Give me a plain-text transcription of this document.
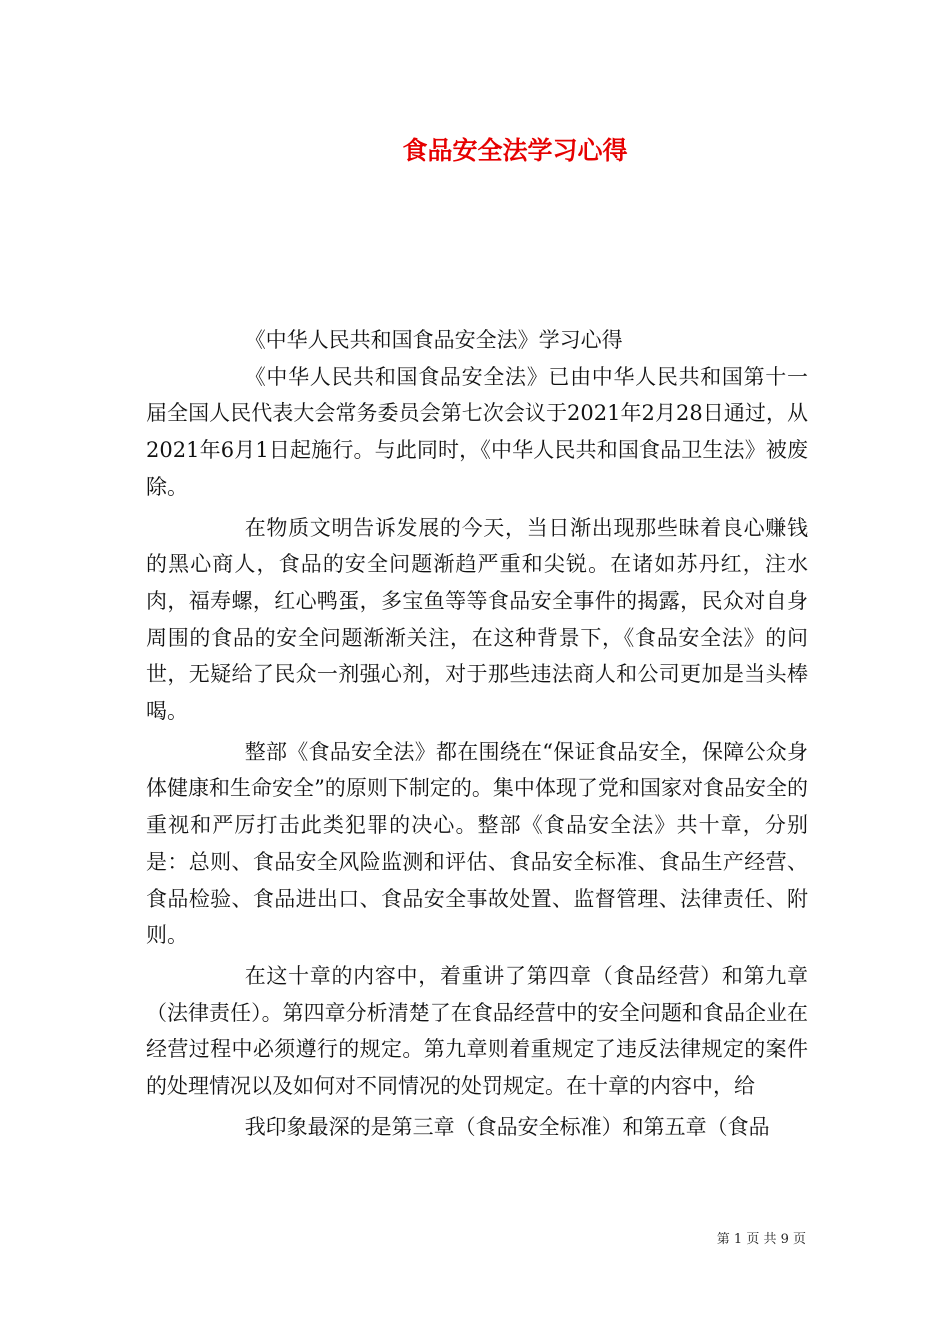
食品安全法学习心得

《中华人民共和国食品安全法》学习心得

《中华人民共和国食品安全法》已由中华人民共和国第十一届全国人民代表大会常务委员会第七次会议于2021年2月28日通过，从2021年6月1日起施行。与此同时，《中华人民共和国食品卫生法》被废除。

在物质文明告诉发展的今天，当日渐出现那些昧着良心赚钱的黑心商人，食品的安全问题渐趋严重和尖锐。在诸如苏丹红，注水肉，福寿螺，红心鸭蛋，多宝鱼等等食品安全事件的揭露，民众对自身周围的食品的安全问题渐渐关注，在这种背景下，《食品安全法》的问世，无疑给了民众一剂强心剂，对于那些违法商人和公司更加是当头棒喝。

整部《食品安全法》都在围绕在“保证食品安全，保障公众身体健康和生命安全”的原则下制定的。集中体现了党和国家对食品安全的重视和严厉打击此类犯罪的决心。整部《食品安全法》共十章，分别是：总则、食品安全风险监测和评估、食品安全标准、食品生产经营、食品检验、食品进出口、食品安全事故处置、监督管理、法律责任、附则。

在这十章的内容中，着重讲了第四章（食品经营）和第九章（法律责任）。第四章分析清楚了在食品经营中的安全问题和食品企业在经营过程中必须遵行的规定。第九章则着重规定了违反法律规定的案件的处理情况以及如何对不同情况的处罚规定。在十章的内容中，给

我印象最深的是第三章（食品安全标准）和第五章（食品

第 1 页 共 9 页
